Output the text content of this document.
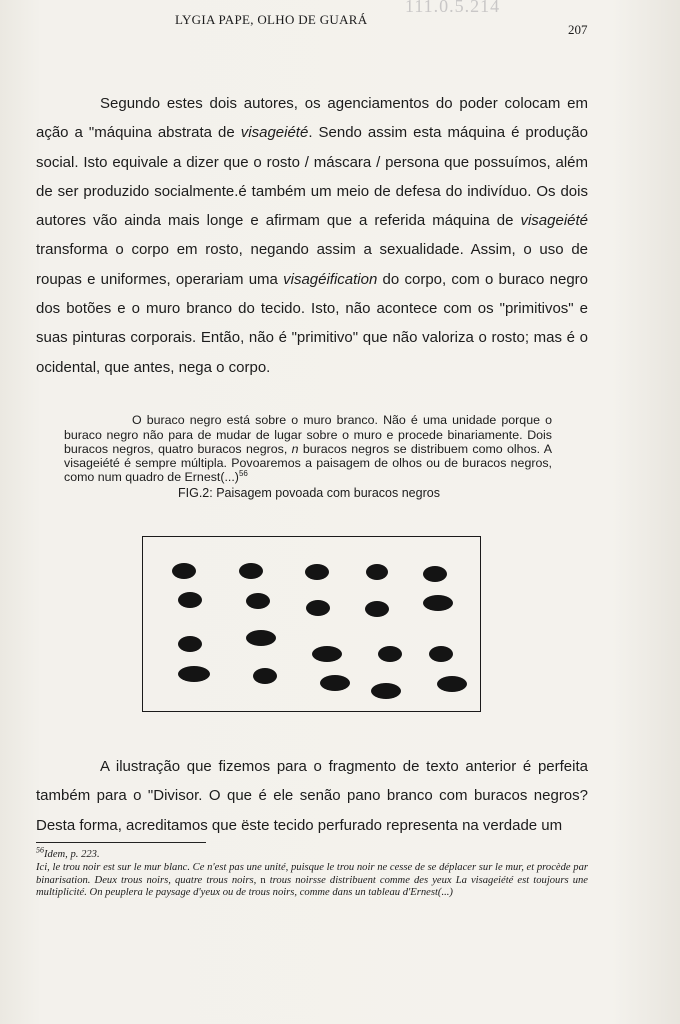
111.0.5.214
LYGIA PAPE, OLHO DE GUARÁ
207

Segundo estes dois autores, os agenciamentos do poder colocam em ação a "máquina abstrata de visageiété. Sendo assim esta máquina é produção social. Isto equivale a dizer que o rosto / máscara / persona que possuímos, além de ser produzido socialmente.é também um meio de defesa do indivíduo. Os dois autores vão ainda mais longe e afirmam que a referida máquina de visageiété transforma o corpo em rosto, negando assim a sexualidade. Assim, o uso de roupas e uniformes, operariam uma visagéification do corpo, com o buraco negro dos botões e o muro branco do tecido. Isto, não acontece com os "primitivos" e suas pinturas corporais. Então, não é "primitivo" que não valoriza o rosto; mas é o ocidental, que antes, nega o corpo.

O buraco negro está sobre o muro branco. Não é uma unidade porque o buraco negro não para de mudar de lugar sobre o muro e procede binariamente. Dois buracos negros, quatro buracos negros, n buracos negros se distribuem como olhos. A visageiété é sempre múltipla. Povoaremos a paisagem de olhos ou de buracos negros, como num quadro de Ernest(...)$^{56}$

FIG.2: Paisagem povoada com buracos negros

A ilustração que fizemos para o fragmento de texto anterior é perfeita também para o "Divisor. O que é ele senão pano branco com buracos negros? Desta forma, acreditamos que ëste tecido perfurado representa na verdade um

$^{56}$Idem, p. 223.

Ici, le trou noir est sur le mur blanc. Ce n'est pas une unité, puisque le trou noir ne cesse de se déplacer sur le mur, et procède par binarisation. Deux trous noirs, quatre trous noirs, n trous noirsse distribuent comme des yeux La visageiété est toujours une multiplicité. On peuplera le paysage d'yeux ou de trous noirs, comme dans un tableau d'Ernest(...)
